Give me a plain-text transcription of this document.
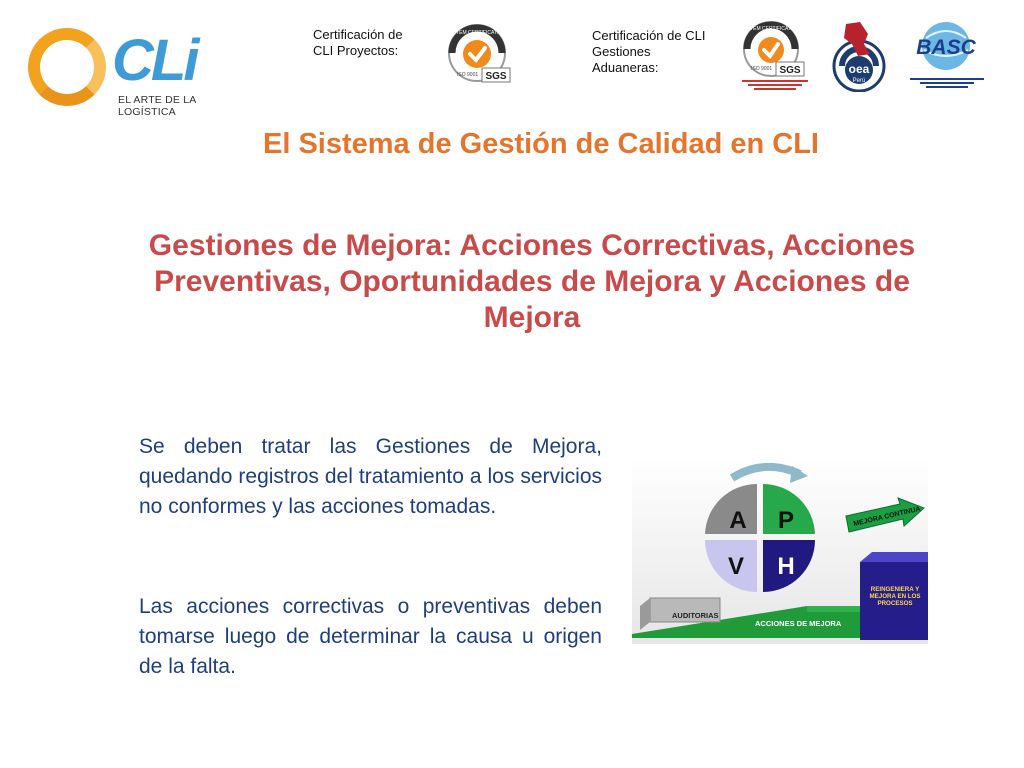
CLi
EL ARTE DE LA LOGÍSTICA
Certificación de CLI Proyectos:
SGS
SYSTEM CERTIFICATION
ISO 9001
Certificación de CLI Gestiones Aduaneras:	SGS
SYSTEM CERTIFICATION
ISO 9001	oea
Perú
BASC
El Sistema de Gestión de Calidad en CLI
Gestiones de Mejora: Acciones Correctivas, Acciones Preventivas, Oportunidades de Mejora y Acciones de Mejora
Se deben tratar las Gestiones de Mejora, quedando registros del tratamiento a los servicios no conformes y las acciones tomadas.
Las acciones correctivas o preventivas deben tomarse luego de determinar la causa u origen de la falta.
AUDITORIAS
ACCIONES DE MEJORA
REINGENIERA Y MEJORA EN LOS PROCESOS
MEJORA CONTINUA
A P
V H
